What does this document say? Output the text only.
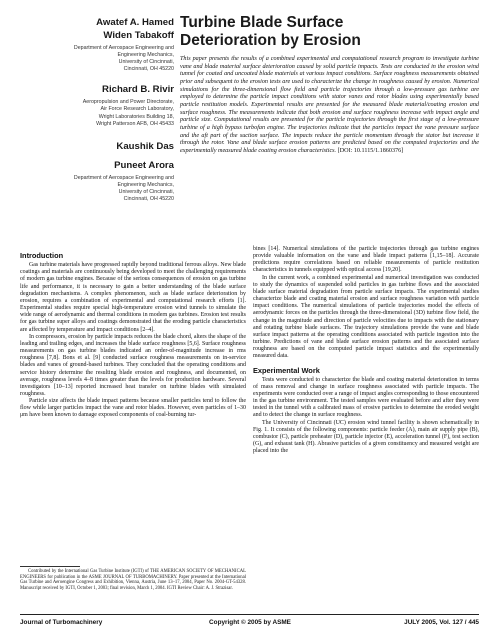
Awatef A. Hamed
Widen Tabakoff
Department of Aerospace Engineering and
Engineering Mechanics,
University of Cincinnati,
Cincinnati, OH 45220
Richard B. Rivir
Aeropropulsion and Power Directorate,
Air Force Research Laboratory,
Wright Laboratories Building 18,
Wright Patterson AFB, OH 45433
Kaushik Das
Puneet Arora
Department of Aerospace Engineering and
Engineering Mechanics,
University of Cincinnati,
Cincinnati, OH 45220
Turbine Blade Surface
Deterioration by Erosion
This paper presents the results of a combined experimental and computational research program to investigate turbine vane and blade material surface deterioration caused by solid particle impacts. Tests are conducted in the erosion wind tunnel for coated and uncoated blade materials at various impact conditions. Surface roughness measurements obtained prior and subsequent to the erosion tests are used to characterize the change in roughness caused by erosion. Numerical simulations for the three-dimensional flow field and particle trajectories through a low-pressure gas turbine are employed to determine the particle impact conditions with stator vanes and rotor blades using experimentally based particle restitution models. Experimental results are presented for the measured blade material/coating erosion and surface roughness. The measurements indicate that both erosion and surface roughness increase with impact angle and particle size. Computational results are presented for the particle trajectories through the first stage of a low-pressure turbine of a high bypass turbofan engine. The trajectories indicate that the particles impact the vane pressure surface and the aft part of the suction surface. The impacts reduce the particle momentum through the stator but increase it through the rotor. Vane and blade surface erosion patterns are predicted based on the computed trajectories and the experimentally measured blade coating erosion characteristics. [DOI: 10.1115/1.1860376]
Introduction

Gas turbine materials have progressed rapidly beyond traditional ferrous alloys. New blade coatings and materials are continuously being developed to meet the challenging requirements of modern gas turbine engines. Because of the serious consequences of erosion on gas turbine life and performance, it is necessary to gain a better understanding of the blade surface degradation mechanisms. A complex phenomenon, such as blade surface deterioration by erosion, requires a combination of experimental and computational research efforts [1]. Experimental studies require special high-temperature erosion wind tunnels to simulate the wide range of aerodynamic and thermal conditions in modern gas turbines. Erosion test results for gas turbine super alloys and coatings demonstrated that the eroding particle characteristics are affected by temperature and impact conditions [2–4].

In compressors, erosion by particle impacts reduces the blade chord, alters the shape of the leading and trailing edges, and increases the blade surface roughness [5,6]. Surface roughness measurements on gas turbine blades indicated an order-of-magnitude increase in rms roughness [7,8]. Bons et al. [9] conducted surface roughness measurements on in-service blades and vanes of ground-based turbines. They concluded that the operating conditions and service history determine the resulting blade erosion and roughness, and documented, on average, roughness levels 4–8 times greater than the levels for production hardware. Several investigators [10–13] reported increased heat transfer on turbine blades with simulated roughness.

Particle size affects the blade impact patterns because smaller particles tend to follow the flow while larger particles impact the vane and rotor blades. However, even particles of 1–30 μm have been known to damage exposed components of coal-burning tur-

Contributed by the International Gas Turbine Institute (IGTI) of THE AMERICAN SOCIETY OF MECHANICAL ENGINEERS for publication in the ASME JOURNAL OF TURBOMACHINERY. Paper presented at the International Gas Turbine and Aeroengine Congress and Exhibition, Vienna, Austria, June 13–17, 2004, Paper No. 2004-GT-54328. Manuscript received by IGTI, October 1, 2003; final revision, March 1, 2004. IGTI Review Chair: A. J. Strazisar.

bines [14]. Numerical simulations of the particle trajectories through gas turbine engines provide valuable information on the vane and blade impact patterns [1,15–18]. Accurate predictions require correlations based on reliable measurements of particle restitution characteristics in tunnels equipped with optical access [19,20].

In the current work, a combined experimental and numerical investigation was conducted to study the dynamics of suspended solid particles in gas turbine flows and the associated blade surface material degradation from particle surface impacts. The experimental studies characterize blade and coating material erosion and surface roughness variation with particle impact conditions. The numerical simulations of particle trajectories model the effects of aerodynamic forces on the particles through the three-dimensional (3D) turbine flow field, the change in the magnitude and direction of particle velocities due to impacts with the stationary and rotating turbine blade surfaces. The trajectory simulations provide the vane and blade surface impact patterns at the operating conditions associated with particle ingestion into the turbine. Predictions of vane and blade surface erosion patterns and the associated surface roughness are based on the computed particle impact statistics and the experimentally measured data.

Experimental Work

Tests were conducted to characterize the blade and coating material deterioration in terms of mass removal and change in surface roughness associated with particle impacts. The experiments were conducted over a range of impact angles corresponding to those encountered in the gas turbine environment. The tested samples were evaluated before and after they were tested in the tunnel with a calibrated mass of erosive particles to determine the eroded weight and to detect the change in surface roughness.

The University of Cincinnati (UC) erosion wind tunnel facility is shown schematically in Fig. 1. It consists of the following components: particle feeder (A), main air supply pipe (B), combustor (C), particle preheater (D), particle injector (E), acceleration tunnel (F), test section (G), and exhaust tank (H). Abrasive particles of a given constituency and measured weight are placed into the

Journal of Turbomachinery	Copyright © 2005 by ASME	JULY 2005, Vol. 127 / 445
